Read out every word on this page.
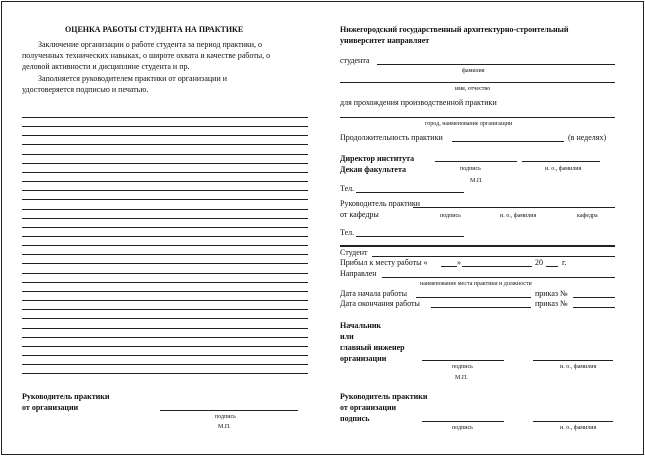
ОЦЕНКА РАБОТЫ СТУДЕНТА НА ПРАКТИКЕ
Заключение организации о работе студента за период практики, о
полученных технических навыках, о широте охвата и качестве работы, о
деловой активности и дисциплине студента и пр.
Заполняется руководителем практики от организации и
удостоверяется подписью и печатью.
Руководитель практики
от организации
подпись
М.П.
Нижегородский государственный архитектурно-строительный
университет направляет
студента
фамилия
имя, отчество
для прохождения производственной практики
город, наименование организации
Продолжительность практики	(в неделях)
Директор института
Декан факультета	подпись	и. о., фамилия
М.П.
Тел.
Руководитель практики
от кафедры	подпись	и. о., фамилия	кафедра
Тел.
Студент
Прибыл к месту работы «	»	20 г.
Направлен
наименование места практики и должности
Дата начала работы	приказ №
Дата окончания работы	приказ №
Начальник
или
главный инженер
организации
подпись	и. о., фамилия
М.П.
Руководитель практики
от организации
подпись
подпись	и. о., фамилия
